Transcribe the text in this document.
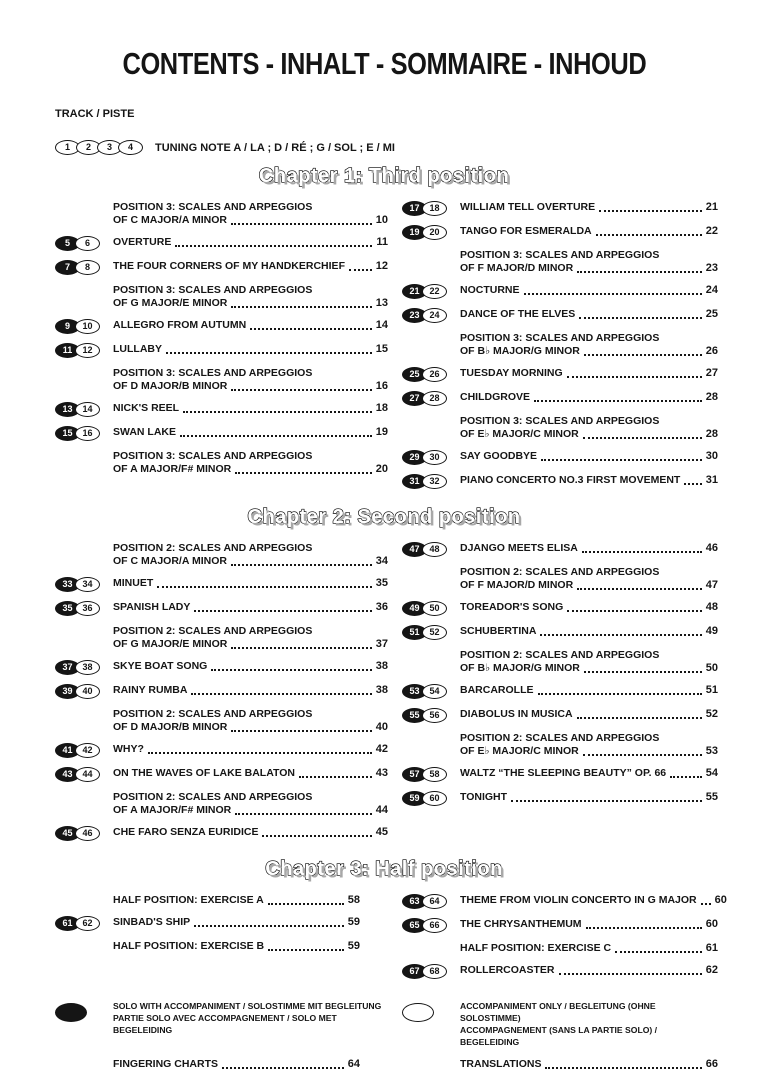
CONTENTS - INHALT - SOMMAIRE - INHOUD
TRACK / PISTE
1	2	3	4	TUNING NOTE A / LA ; D / RÉ ; G / SOL ; E / MI
Chapter 1: Third position
POSITION 3: SCALES AND ARPEGGIOS
OF C MAJOR/A MINOR	10
5	6	OVERTURE	11
7	8	THE FOUR CORNERS OF MY HANDKERCHIEF	12
POSITION 3: SCALES AND ARPEGGIOS
OF G MAJOR/E MINOR	13
9	10	ALLEGRO FROM AUTUMN	14
11	12	LULLABY	15
POSITION 3: SCALES AND ARPEGGIOS
OF D MAJOR/B MINOR	16
13	14	NICK'S REEL	18
15	16	SWAN LAKE	19
POSITION 3: SCALES AND ARPEGGIOS
OF A MAJOR/F# MINOR	20
17	18	WILLIAM TELL OVERTURE	21
19	20	TANGO FOR ESMERALDA	22
POSITION 3: SCALES AND ARPEGGIOS
OF F MAJOR/D MINOR	23
21	22	NOCTURNE	24
23	24	DANCE OF THE ELVES	25
POSITION 3: SCALES AND ARPEGGIOS
OF B♭ MAJOR/G MINOR	26
25	26	TUESDAY MORNING	27
27	28	CHILDGROVE	28
POSITION 3: SCALES AND ARPEGGIOS
OF E♭ MAJOR/C MINOR	28
29	30	SAY GOODBYE	30
31	32	PIANO CONCERTO NO.3 FIRST MOVEMENT 31
Chapter 2: Second position
POSITION 2: SCALES AND ARPEGGIOS
OF C MAJOR/A MINOR	34
33	34	MINUET	35
35	36	SPANISH LADY	36
POSITION 2: SCALES AND ARPEGGIOS
OF G MAJOR/E MINOR	37
37	38	SKYE BOAT SONG	38
39	40	RAINY RUMBA	38
POSITION 2: SCALES AND ARPEGGIOS
OF D MAJOR/B MINOR	40
41	42	WHY?	42
43	44	ON THE WAVES OF LAKE BALATON	43
POSITION 2: SCALES AND ARPEGGIOS
OF A MAJOR/F# MINOR	44
45	46	CHE FARO SENZA EURIDICE	45
47	48	DJANGO MEETS ELISA	46
POSITION 2: SCALES AND ARPEGGIOS
OF F MAJOR/D MINOR	47
49	50	TOREADOR'S SONG	48
51	52	SCHUBERTINA	49
POSITION 2: SCALES AND ARPEGGIOS
OF B♭ MAJOR/G MINOR	50
53	54	BARCAROLLE	51
55	56	DIABOLUS IN MUSICA	52
POSITION 2: SCALES AND ARPEGGIOS
OF E♭ MAJOR/C MINOR	53
57	58	WALTZ “THE SLEEPING BEAUTY” OP. 66	54
59	60	TONIGHT	55
Chapter 3: Half position
HALF POSITION: EXERCISE A	58
61	62	SINBAD'S SHIP	59
HALF POSITION: EXERCISE B	59
63	64	THEME FROM VIOLIN CONCERTO IN G MAJOR 60
65	66	THE CHRYSANTHEMUM	60
HALF POSITION: EXERCISE C	61
67	68	ROLLERCOASTER	62
SOLO WITH ACCOMPANIMENT / SOLOSTIMME MIT BEGLEITUNG
PARTIE SOLO AVEC ACCOMPAGNEMENT / SOLO MET BEGELEIDING
ACCOMPANIMENT ONLY / BEGLEITUNG (OHNE SOLOSTIMME)
ACCOMPAGNEMENT (SANS LA PARTIE SOLO) / BEGELEIDING
FINGERING CHARTS	64	TRANSLATIONS	66
